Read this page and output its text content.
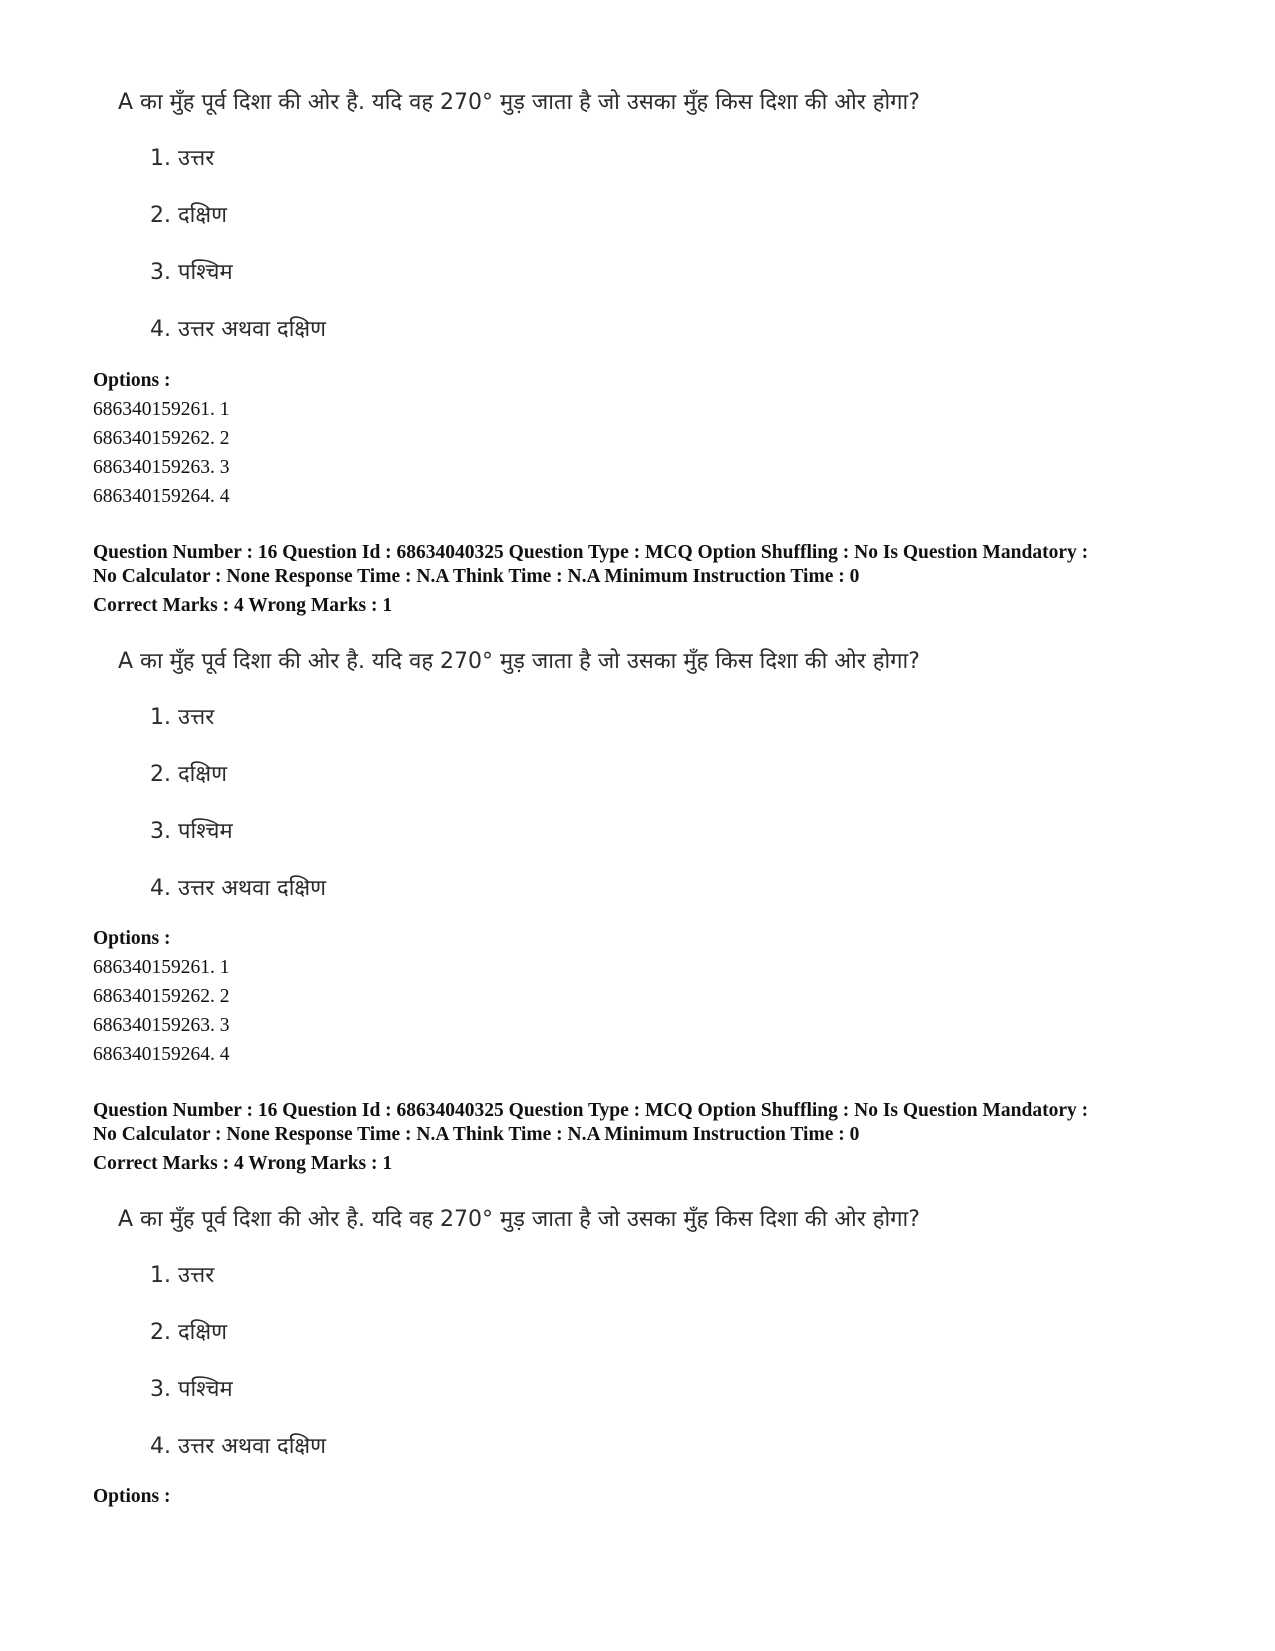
A का मुँह पूर्व दिशा की ओर है. यदि वह 270° मुड़ जाता है जो उसका मुँह किस दिशा की ओर होगा?
1. उत्तर
2. दक्षिण
3. पश्चिम
4. उत्तर अथवा दक्षिण
Options :
686340159261. 1
686340159262. 2
686340159263. 3
686340159264. 4

Question Number : 16 Question Id : 68634040325 Question Type : MCQ Option Shuffling : No Is Question Mandatory :

No Calculator : None Response Time : N.A Think Time : N.A Minimum Instruction Time : 0

Correct Marks : 4 Wrong Marks : 1

A का मुँह पूर्व दिशा की ओर है. यदि वह 270° मुड़ जाता है जो उसका मुँह किस दिशा की ओर होगा?
1. उत्तर
2. दक्षिण
3. पश्चिम
4. उत्तर अथवा दक्षिण
Options :
686340159261. 1
686340159262. 2
686340159263. 3
686340159264. 4

Question Number : 16 Question Id : 68634040325 Question Type : MCQ Option Shuffling : No Is Question Mandatory :

No Calculator : None Response Time : N.A Think Time : N.A Minimum Instruction Time : 0

Correct Marks : 4 Wrong Marks : 1

A का मुँह पूर्व दिशा की ओर है. यदि वह 270° मुड़ जाता है जो उसका मुँह किस दिशा की ओर होगा?
1. उत्तर
2. दक्षिण
3. पश्चिम
4. उत्तर अथवा दक्षिण
Options :
